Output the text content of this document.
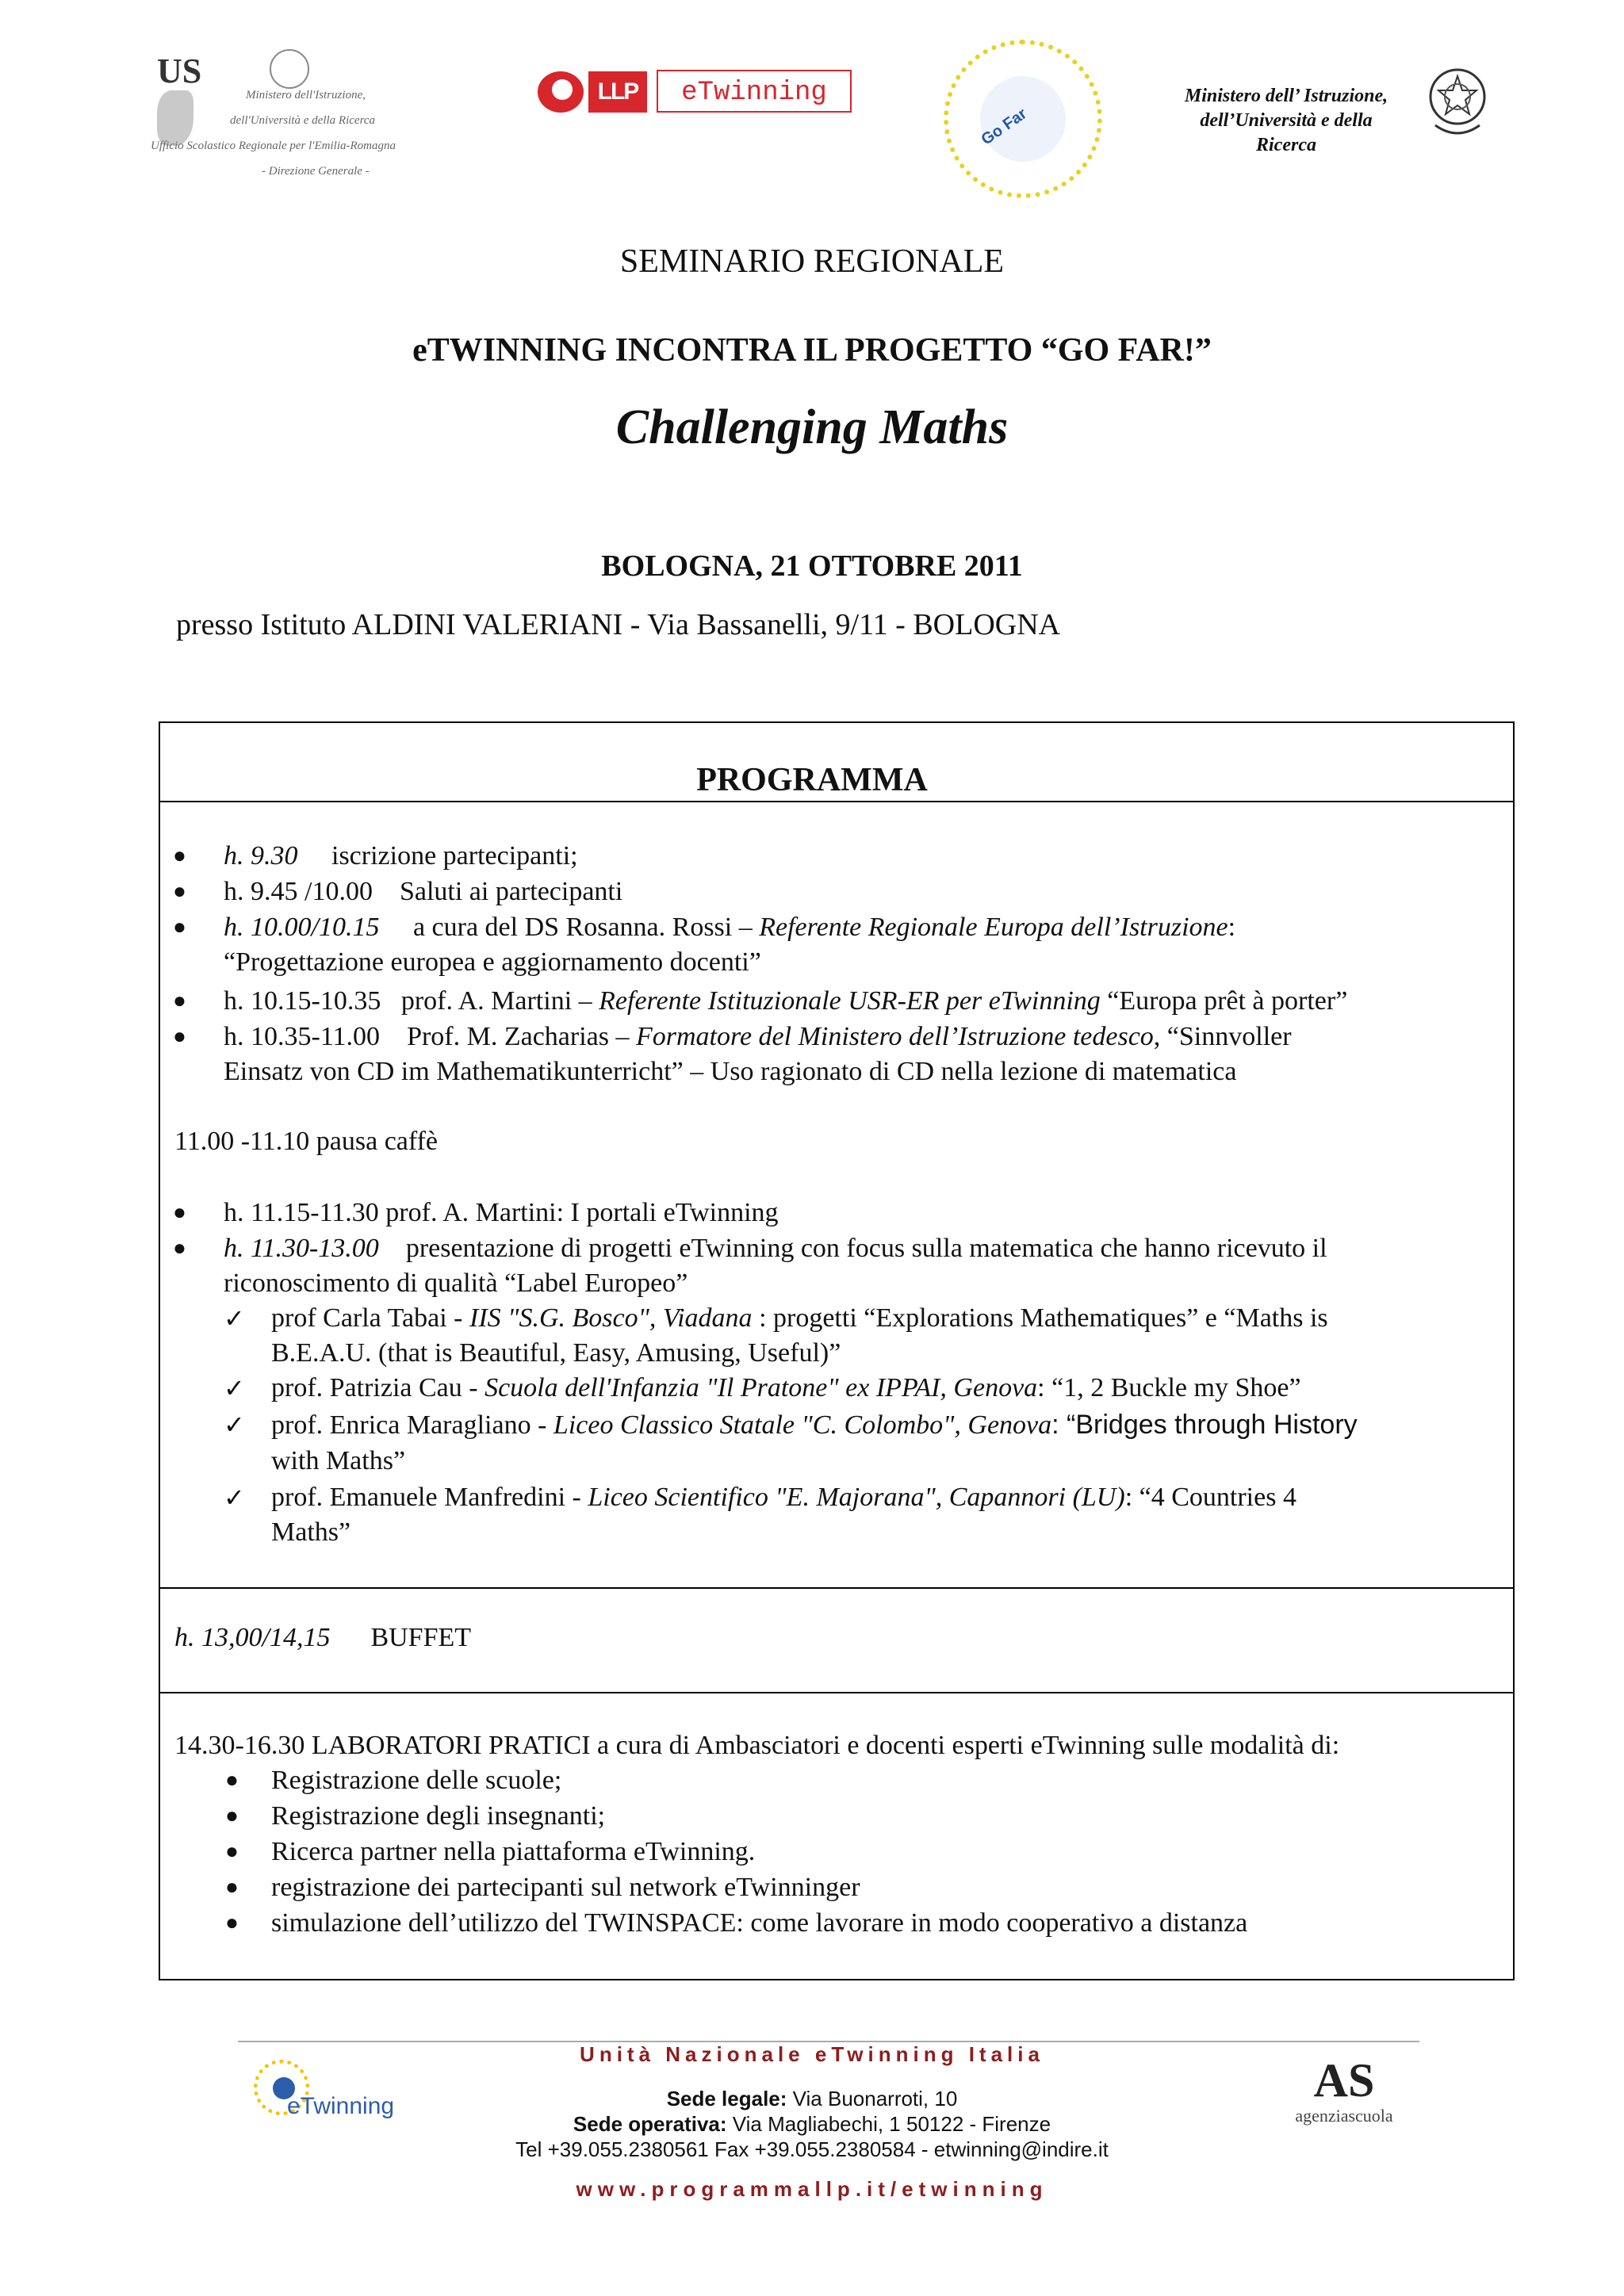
US
Ministero dell'Istruzione,
dell'Università e della Ricerca
Ufficio Scolastico Regionale per l'Emilia-Romagna
- Direzione Generale -
LLP	eTwinning
Go Far
Ministero dell’ Istruzione,
dell’Università e della
Ricerca
SEMINARIO REGIONALE
eTWINNING INCONTRA IL PROGETTO “GO FAR!”
Challenging Maths
BOLOGNA, 21 OTTOBRE 2011
presso Istituto ALDINI VALERIANI - Via Bassanelli, 9/11 - BOLOGNA
PROGRAMMA
● h. 9.30 iscrizione partecipanti;
● h. 9.45 /10.00 Saluti ai partecipanti
● h. 10.00/10.15 a cura del DS Rosanna. Rossi – Referente Regionale Europa dell’Istruzione:
“Progettazione europea e aggiornamento docenti”
● h. 10.15-10.35 prof. A. Martini – Referente Istituzionale USR-ER per eTwinning “Europa prêt à porter”
● h. 10.35-11.00 Prof. M. Zacharias – Formatore del Ministero dell’Istruzione tedesco, “Sinnvoller
Einsatz von CD im Mathematikunterricht” – Uso ragionato di CD nella lezione di matematica
11.00 -11.10 pausa caffè
● h. 11.15-11.30 prof. A. Martini: I portali eTwinning
● h. 11.30-13.00 presentazione di progetti eTwinning con focus sulla matematica che hanno ricevuto il
riconoscimento di qualità “Label Europeo”
✓ prof Carla Tabai - IIS "S.G. Bosco", Viadana : progetti “Explorations Mathematiques” e “Maths is
B.E.A.U. (that is Beautiful, Easy, Amusing, Useful)”
✓ prof. Patrizia Cau - Scuola dell'Infanzia "Il Pratone" ex IPPAI, Genova: “1, 2 Buckle my Shoe”
✓ prof. Enrica Maragliano - Liceo Classico Statale "C. Colombo", Genova: “Bridges through History
with Maths”
✓ prof. Emanuele Manfredini - Liceo Scientifico "E. Majorana", Capannori (LU): “4 Countries 4
Maths”
h. 13,00/14,15 BUFFET
14.30-16.30 LABORATORI PRATICI a cura di Ambasciatori e docenti esperti eTwinning sulle modalità di:
● Registrazione delle scuole;
● Registrazione degli insegnanti;
● Ricerca partner nella piattaforma eTwinning.
● registrazione dei partecipanti sul network eTwinninger
● simulazione dell’utilizzo del TWINSPACE: come lavorare in modo cooperativo a distanza
Unità Nazionale eTwinning Italia
eTwinning	Sede legale: Via Buonarroti, 10
Sede operativa: Via Magliabechi, 1 50122 - Firenze
Tel +39.055.2380561 Fax +39.055.2380584 - etwinning@indire.it
www.programmallp.it/etwinning
AS
agenziascuola
